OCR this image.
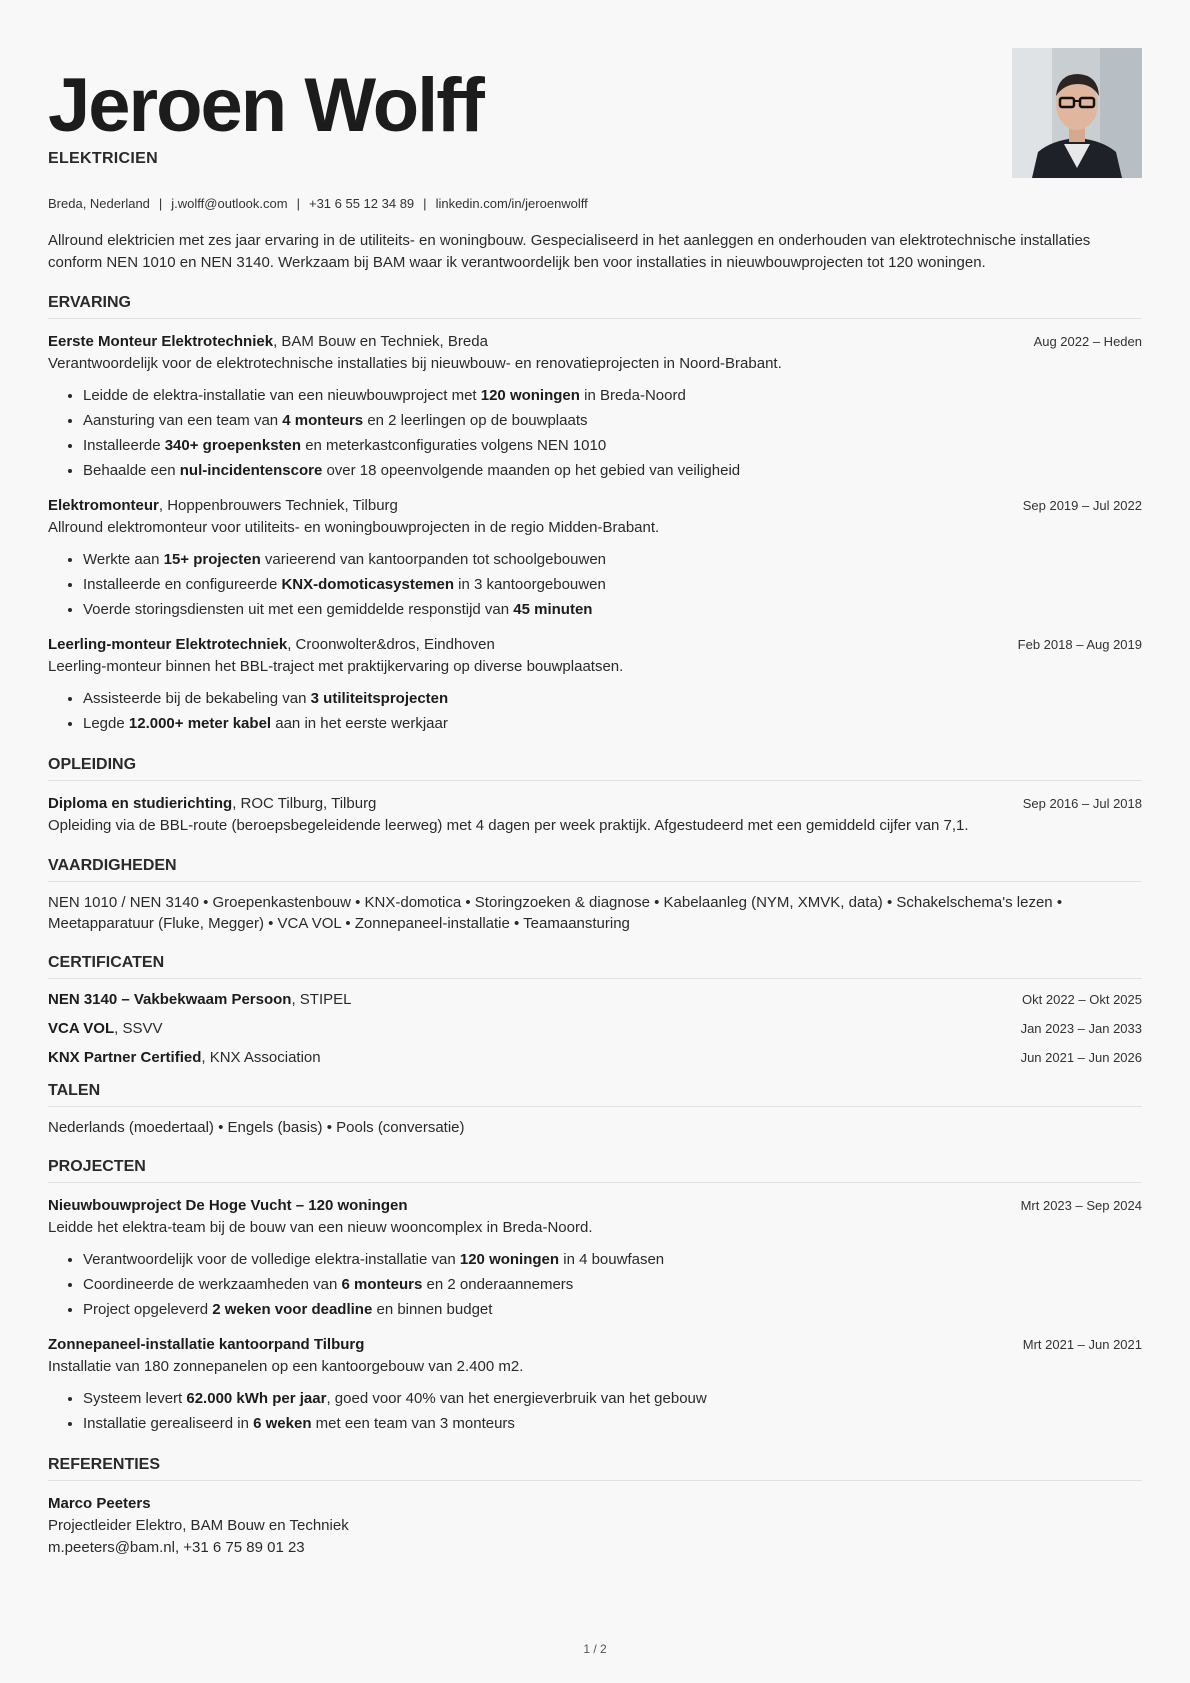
Jeroen Wolff
ELEKTRICIEN
Breda, Nederland | j.wolff@outlook.com | +31 6 55 12 34 89 | linkedin.com/in/jeroenwolff
Allround elektricien met zes jaar ervaring in de utiliteits- en woningbouw. Gespecialiseerd in het aanleggen en onderhouden van elektrotechnische installaties conform NEN 1010 en NEN 3140. Werkzaam bij BAM waar ik verantwoordelijk ben voor installaties in nieuwbouwprojecten tot 120 woningen.
ERVARING
Eerste Monteur Elektrotechniek, BAM Bouw en Techniek, Breda	Aug 2022 – Heden
Verantwoordelijk voor de elektrotechnische installaties bij nieuwbouw- en renovatieprojecten in Noord-Brabant.
• Leidde de elektra-installatie van een nieuwbouwproject met 120 woningen in Breda-Noord
• Aansturing van een team van 4 monteurs en 2 leerlingen op de bouwplaats
• Installeerde 340+ groepenksten en meterkastconfiguraties volgens NEN 1010
• Behaalde een nul-incidentenscore over 18 opeenvolgende maanden op het gebied van veiligheid
Elektromonteur, Hoppenbrouwers Techniek, Tilburg	Sep 2019 – Jul 2022
Allround elektromonteur voor utiliteits- en woningbouwprojecten in de regio Midden-Brabant.
• Werkte aan 15+ projecten varieerend van kantoorpanden tot schoolgebouwen
• Installeerde en configureerde KNX-domoticasystemen in 3 kantoorgebouwen
• Voerde storingsdiensten uit met een gemiddelde responstijd van 45 minuten
Leerling-monteur Elektrotechniek, Croonwolter&dros, Eindhoven	Feb 2018 – Aug 2019
Leerling-monteur binnen het BBL-traject met praktijkervaring op diverse bouwplaatsen.
• Assisteerde bij de bekabeling van 3 utiliteitsprojecten
• Legde 12.000+ meter kabel aan in het eerste werkjaar
OPLEIDING
Diploma en studierichting, ROC Tilburg, Tilburg	Sep 2016 – Jul 2018
Opleiding via de BBL-route (beroepsbegeleidende leerweg) met 4 dagen per week praktijk. Afgestudeerd met een gemiddeld cijfer van 7,1.
VAARDIGHEDEN
NEN 1010 / NEN 3140 • Groepenkastenbouw • KNX-domotica • Storingzoeken & diagnose • Kabelaanleg (NYM, XMVK, data) • Schakelschema's lezen • Meetapparatuur (Fluke, Megger) • VCA VOL • Zonnepaneel-installatie • Teamaansturing
CERTIFICATEN
NEN 3140 – Vakbekwaam Persoon, STIPEL	Okt 2022 – Okt 2025
VCA VOL, SSVV	Jan 2023 – Jan 2033
KNX Partner Certified, KNX Association	Jun 2021 – Jun 2026
TALEN
Nederlands (moedertaal) • Engels (basis) • Pools (conversatie)
PROJECTEN
Nieuwbouwproject De Hoge Vucht – 120 woningen	Mrt 2023 – Sep 2024
Leidde het elektra-team bij de bouw van een nieuw wooncomplex in Breda-Noord.
• Verantwoordelijk voor de volledige elektra-installatie van 120 woningen in 4 bouwfasen
• Coordineerde de werkzaamheden van 6 monteurs en 2 onderaannemers
• Project opgeleverd 2 weken voor deadline en binnen budget
Zonnepaneel-installatie kantoorpand Tilburg	Mrt 2021 – Jun 2021
Installatie van 180 zonnepanelen op een kantoorgebouw van 2.400 m2.
• Systeem levert 62.000 kWh per jaar, goed voor 40% van het energieverbruik van het gebouw
• Installatie gerealiseerd in 6 weken met een team van 3 monteurs
REFERENTIES
Marco Peeters
Projectleider Elektro, BAM Bouw en Techniek
m.peeters@bam.nl, +31 6 75 89 01 23
1 / 2
